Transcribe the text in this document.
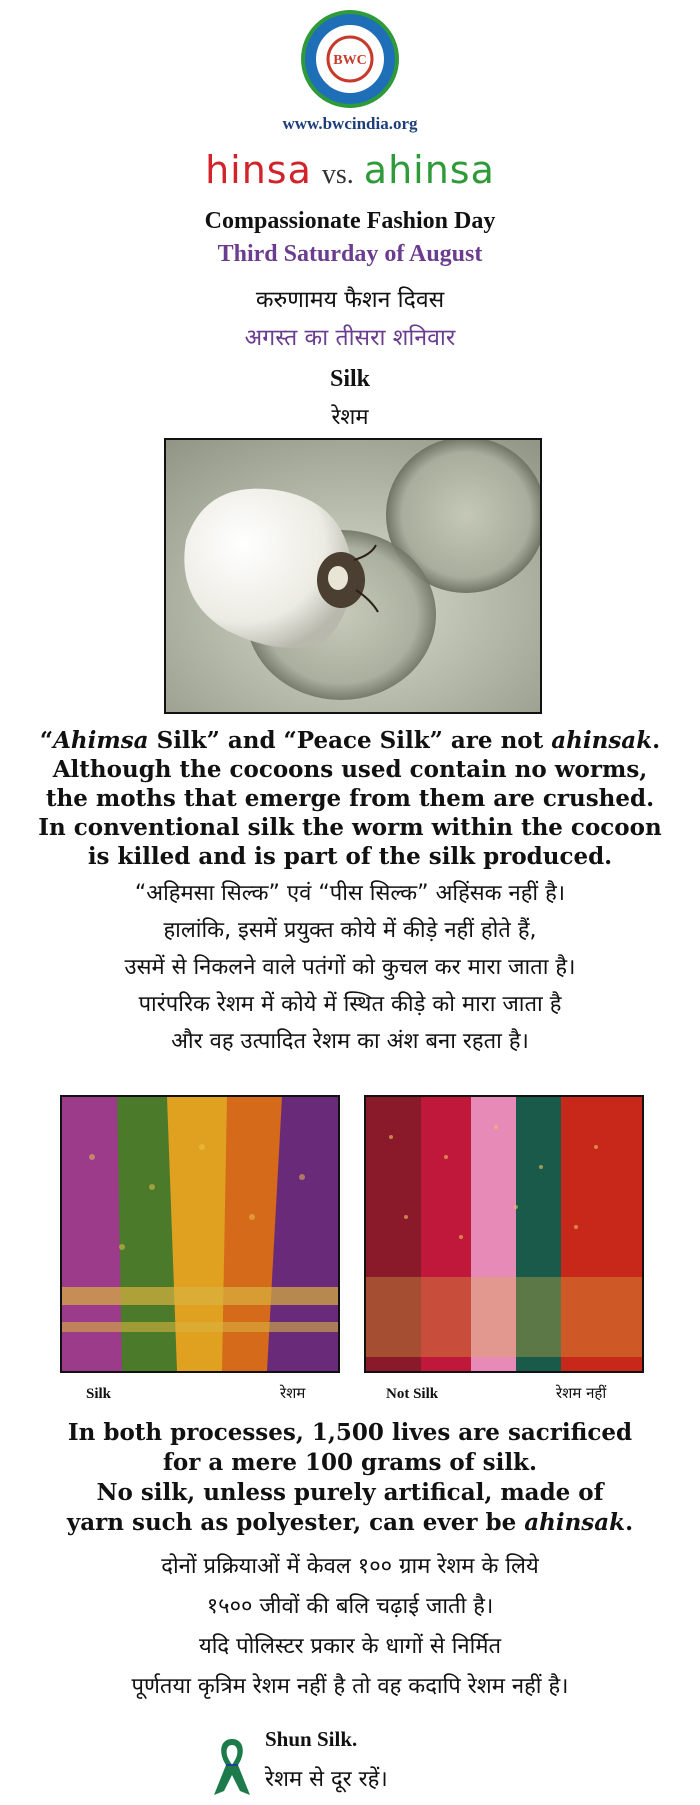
BWC
www.bwcindia.org
hinsa vs. ahinsa
Compassionate Fashion Day
Third Saturday of August
करुणामय फैशन दिवस
अगस्त का तीसरा शनिवार
Silk
रेशम
“Ahimsa Silk” and “Peace Silk” are not ahinsak.
Although the cocoons used contain no worms,
the moths that emerge from them are crushed.
In conventional silk the worm within the cocoon
is killed and is part of the silk produced.
“अहिमसा सिल्क” एवं “पीस सिल्क” अहिंसक नहीं है।
हालांकि, इसमें प्रयुक्त कोये में कीड़े नहीं होते हैं,
उसमें से निकलने वाले पतंगों को कुचल कर मारा जाता है।
पारंपरिक रेशम में कोये में स्थित कीड़े को मारा जाता है
और वह उत्पादित रेशम का अंश बना रहता है।
Silk	रेशम	Not Silk	रेशम नहीं
In both processes, 1,500 lives are sacrificed
for a mere 100 grams of silk.
No silk, unless purely artifical, made of
yarn such as polyester, can ever be ahinsak.
दोनों प्रक्रियाओं में केवल १०० ग्राम रेशम के लिये
१५०० जीवों की बलि चढ़ाई जाती है।
यदि पोलिस्टर प्रकार के धागों से निर्मित
पूर्णतया कृत्रिम रेशम नहीं है तो वह कदापि रेशम नहीं है।
Shun Silk.
रेशम से दूर रहें।
